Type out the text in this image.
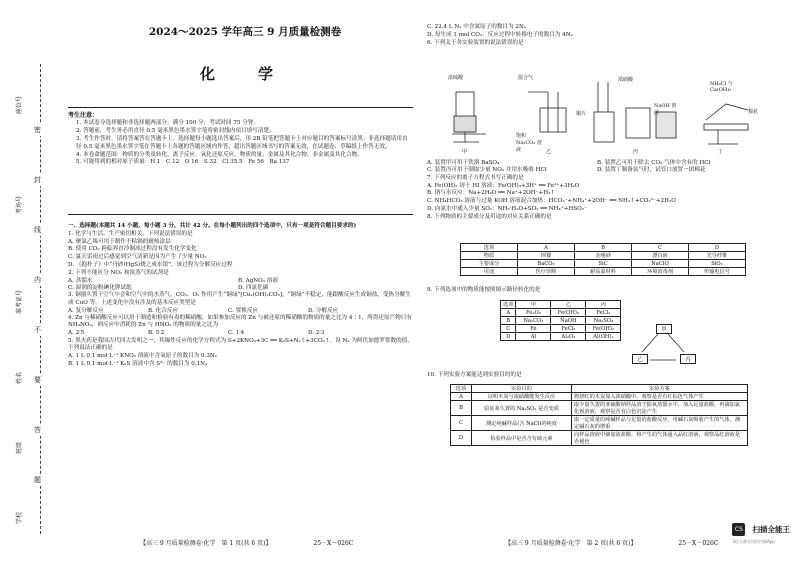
座位号
考场号
准考证号
姓名
班级
学校
密
封
线
内
不
要
答
题
2024～2025 学年高三 9 月质量检测卷
化　学
考生注意：

1. 本试卷分选择题和非选择题两部分。满分 100 分，考试时间 75 分钟。

2. 答题前，考生务必用直径 0.5 毫米黑色墨水签字笔将密封线内项目填写清楚。

3. 考生作答时，请将答案答在答题卡上。选择题每小题选出答案后，用 2B 铅笔把答题卡上对应题目的答案标号涂黑；非选择题请用直径 0.5 毫米黑色墨水签字笔在答题卡上各题的答题区域内作答，超出答题区域书写的答案无效，在试题卷、草稿纸上作答无效。

4. 本卷命题范围：物质的分类及转化、离子反应、氧化还原反应、物质的量、金属及其化合物、非金属及其化合物。

5. 可能用到的相对原子质量：H 1　C 12　O 16　S 32　Cl 35.5　Fe 56　Ba 137

一、选择题(本题共 14 小题，每小题 3 分，共计 42 分。在每小题列出的四个选项中，只有一项是符合题目要求的)

1. 化学与生活、生产密切相关。下列说法错误的是

A. 聚氯乙烯可用于制作不粘锅的耐热涂层

B. 使用 CO₂ 跨临界直冷制冰过程没有发生化学变化

C. 夏天雷雨过后感觉到空气清新是因为产生了少量 NO₂

D. 《抱朴子》中“丹砂(HgS)烧之成水银”，该过程为分解反应过程

2. 下列不能区分 NO₂ 和溴蒸气的试剂是

A. 蒸馏水	B. AgNO₃ 溶液
C. 湿润的淀粉碘化钾试纸	D. 四氯化碳

3. 铜器久置于空气中会和空气中的水蒸气、CO₂、O₂ 作用产生“铜绿”[Cu₂(OH)₂CO₃]，“铜绿”不稳定，能跟酸反应生成铜盐，受热分解生成 CuO 等。上述变化中没有涉及的基本反应类型是

A. 复分解反应	B. 化合反应	C. 置换反应	D. 分解反应

4. Zn 与稀硝酸反应可以用于制造和检验有毒的稀硝酸，如果参加反应的 Zn 与被还原的稀硝酸的物质的量之比为 4∶1，所得还原产物只有 NH₄NO₃，则反应中消耗的 Zn 与 HNO₃ 的物质的量之比为

A. 2∶5	B. 5∶2	C. 1∶4	D. 2∶3

5. 黑火药是我国古代四大发明之一，其爆炸反应的化学方程式为 S+2KNO₃+3C ══ K₂S+N₂↑+3CO₂↑。设 Nₐ 为阿伏加德罗常数的值，下列说法正确的是

A. 1 L 0.1 mol·L⁻¹ KNO₃ 溶液中含氧原子的数目为 0.3Nₐ

B. 1 L 0.1 mol·L⁻¹ K₂S 溶液中含 S²⁻ 的数目为 0.1Nₐ

【高三 9 月质量检测卷·化学　第 1 页(共 6 页)】	25－X－026C

C. 22.4 L N₂ 中含氮原子的数目为 2Nₐ

D. 每生成 1 mol CO₂，反应过程中转移电子的数目为 4Nₐ

6. 下列关于各实验装置的说法错误的是

浓硫酸	混合气
饱和 Na₂CO₃ 溶液
浓硝酸
铜片
NaOH 溶液
NH₄Cl 与 Ca(OH)₂
棉花
甲	乙	丙	丁
A. 装置甲可用于铁器 BaSO₄	B. 装置乙可用于除去 CO₂ 气体中含有的 HCl
C. 装置丙可用于制取少量 NO₂ 并用水吸收 HCl	D. 装置丁制备氨气时，试管口放置一团棉花

7. 下列反应的离子方程式书写正确的是

A. Fe(OH)₃ 溶于 HI 溶液：Fe(OH)₃+3H⁺ ══ Fe³⁺+3H₂O

B. 钠与水反应：Na+2H₂O ══ Na⁺+2OH⁻+H₂↑

C. NH₄HCO₃ 溶液与过量 KOH 溶液混合加热：HCO₃⁻+NH₄⁺+2OH⁻ ══ NH₃↑+CO₃²⁻+2H₂O

D. 向氨水中通入少量 SO₂：NH₃·H₂O+SO₂ ══ NH₄⁺+HSO₃⁻

8. 下列物质的主要成分及用途的对应关系正确的是

选项	A	B	C	D
物质	钡餐	金刚砂	漂白液	光导纤维
主要成分	BaCO₃	SiC	NaClO	SiO₂
用途	医疗诊断	耐高温材料	环境消毒剂	传输电信号

9. 下列选项中的物质能按照图示路径转化的是

选项	甲	乙	丙
A	Fe₂O₃	Fe(OH)₃	FeCl₂
B	Na₂CO₃	NaOH	Na₂SO₄
C	Fe	FeCl₂	Fe(OH)₂
D	Al	Al₂O₃	Al(OH)₃
甲
乙	丙

10. 下列实验方案能达到实验目的的是

选项	实验目的	实验方案
A	证明木炭与浓硝酸能发生反应	将烧红的木炭加入浓硝酸中，观察是否有红棕色气体产生
B	验证某久置的 Na₂SO₃ 是否变质	取少量久置的亚硫酸钠样品溶于除氧蒸馏水中，加入足量盐酸，再滴加氯化钡溶液，观察是否有白色沉淀产生
C	测定纯碱样品(含 NaCl)的纯度	取一定质量的纯碱样品与足量的盐酸反应，用碱石灰吸收产生的气体，测定碱石灰的增重
D	检验样品中是否含有硫元素	向样品溶液中滴加浓盐酸，将产生的气体通入品红溶液，观察品红溶液是否褪色
【高三 9 月质量检测卷·化学　第 2 页(共 6 页)】	25－X－026C
CS 扫描全能王
3亿人都在用的扫描App
